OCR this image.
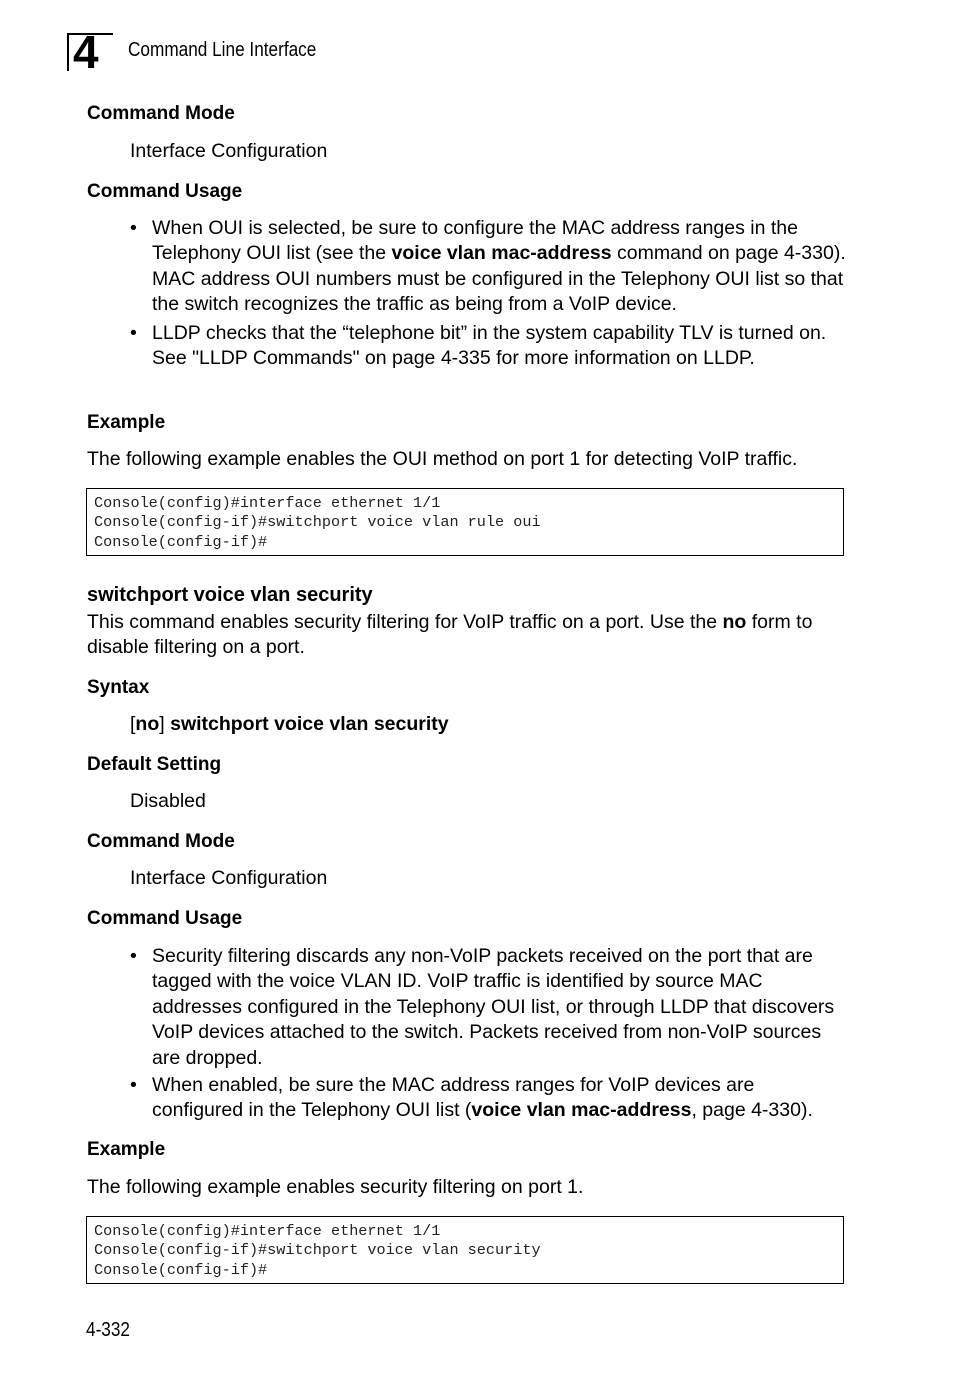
4 Command Line Interface
Command Mode
Interface Configuration
Command Usage
• When OUI is selected, be sure to configure the MAC address ranges in the Telephony OUI list (see the voice vlan mac-address command on page 4-330). MAC address OUI numbers must be configured in the Telephony OUI list so that the switch recognizes the traffic as being from a VoIP device.
• LLDP checks that the “telephone bit” in the system capability TLV is turned on. See "LLDP Commands" on page 4-335 for more information on LLDP.
Example
The following example enables the OUI method on port 1 for detecting VoIP traffic.
Console(config)#interface ethernet 1/1
Console(config-if)#switchport voice vlan rule oui
Console(config-if)#
switchport voice vlan security
This command enables security filtering for VoIP traffic on a port. Use the no form to disable filtering on a port.
Syntax
[no] switchport voice vlan security
Default Setting
Disabled
Command Mode
Interface Configuration
Command Usage
• Security filtering discards any non-VoIP packets received on the port that are tagged with the voice VLAN ID. VoIP traffic is identified by source MAC addresses configured in the Telephony OUI list, or through LLDP that discovers VoIP devices attached to the switch. Packets received from non-VoIP sources are dropped.
• When enabled, be sure the MAC address ranges for VoIP devices are configured in the Telephony OUI list (voice vlan mac-address, page 4-330).
Example
The following example enables security filtering on port 1.
Console(config)#interface ethernet 1/1
Console(config-if)#switchport voice vlan security
Console(config-if)#
4-332
